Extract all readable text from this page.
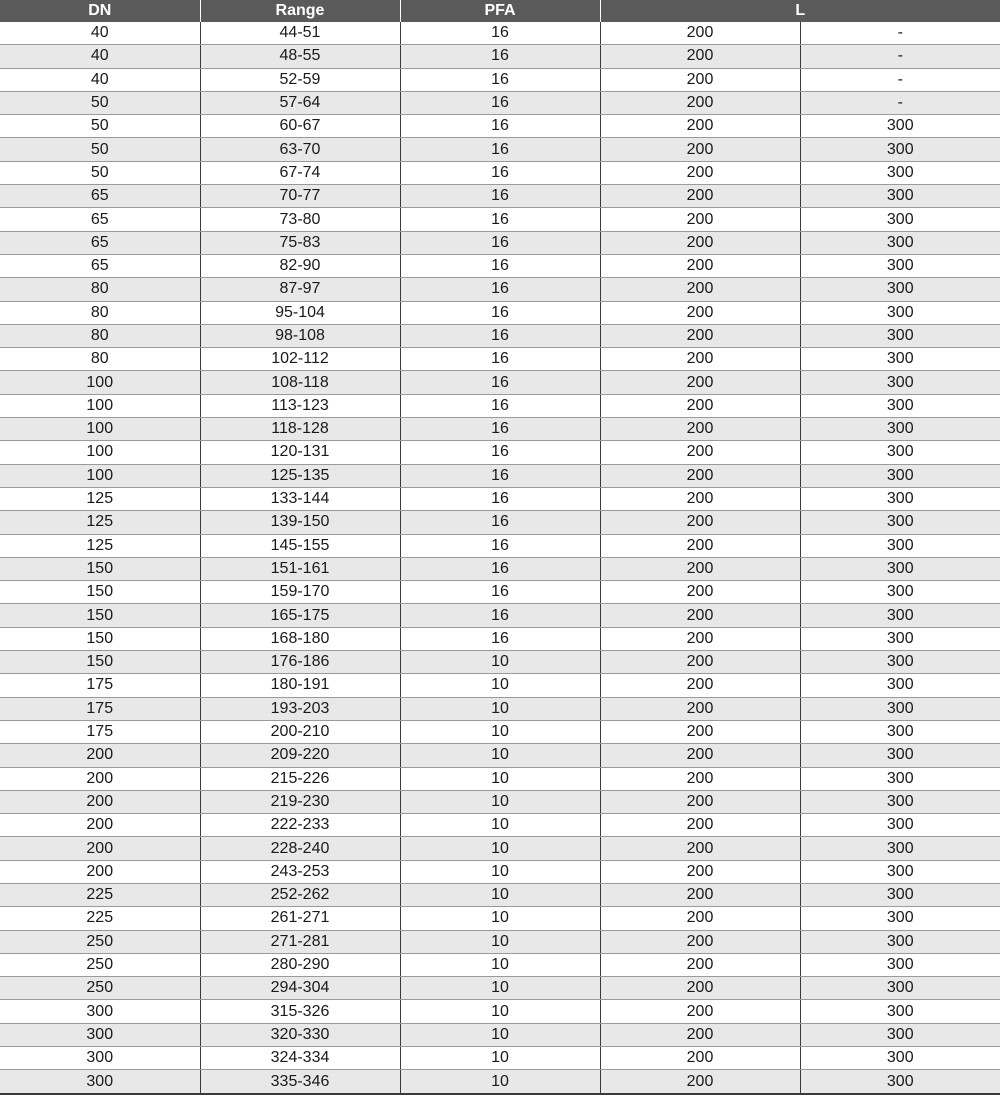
DN	Range	PFA	L	
40	44-51	16	200	-
40	48-55	16	200	-
40	52-59	16	200	-
50	57-64	16	200	-
50	60-67	16	200	300
50	63-70	16	200	300
50	67-74	16	200	300
65	70-77	16	200	300
65	73-80	16	200	300
65	75-83	16	200	300
65	82-90	16	200	300
80	87-97	16	200	300
80	95-104	16	200	300
80	98-108	16	200	300
80	102-112	16	200	300
100	108-118	16	200	300
100	113-123	16	200	300
100	118-128	16	200	300
100	120-131	16	200	300
100	125-135	16	200	300
125	133-144	16	200	300
125	139-150	16	200	300
125	145-155	16	200	300
150	151-161	16	200	300
150	159-170	16	200	300
150	165-175	16	200	300
150	168-180	16	200	300
150	176-186	10	200	300
175	180-191	10	200	300
175	193-203	10	200	300
175	200-210	10	200	300
200	209-220	10	200	300
200	215-226	10	200	300
200	219-230	10	200	300
200	222-233	10	200	300
200	228-240	10	200	300
200	243-253	10	200	300
225	252-262	10	200	300
225	261-271	10	200	300
250	271-281	10	200	300
250	280-290	10	200	300
250	294-304	10	200	300
300	315-326	10	200	300
300	320-330	10	200	300
300	324-334	10	200	300
300	335-346	10	200	300
